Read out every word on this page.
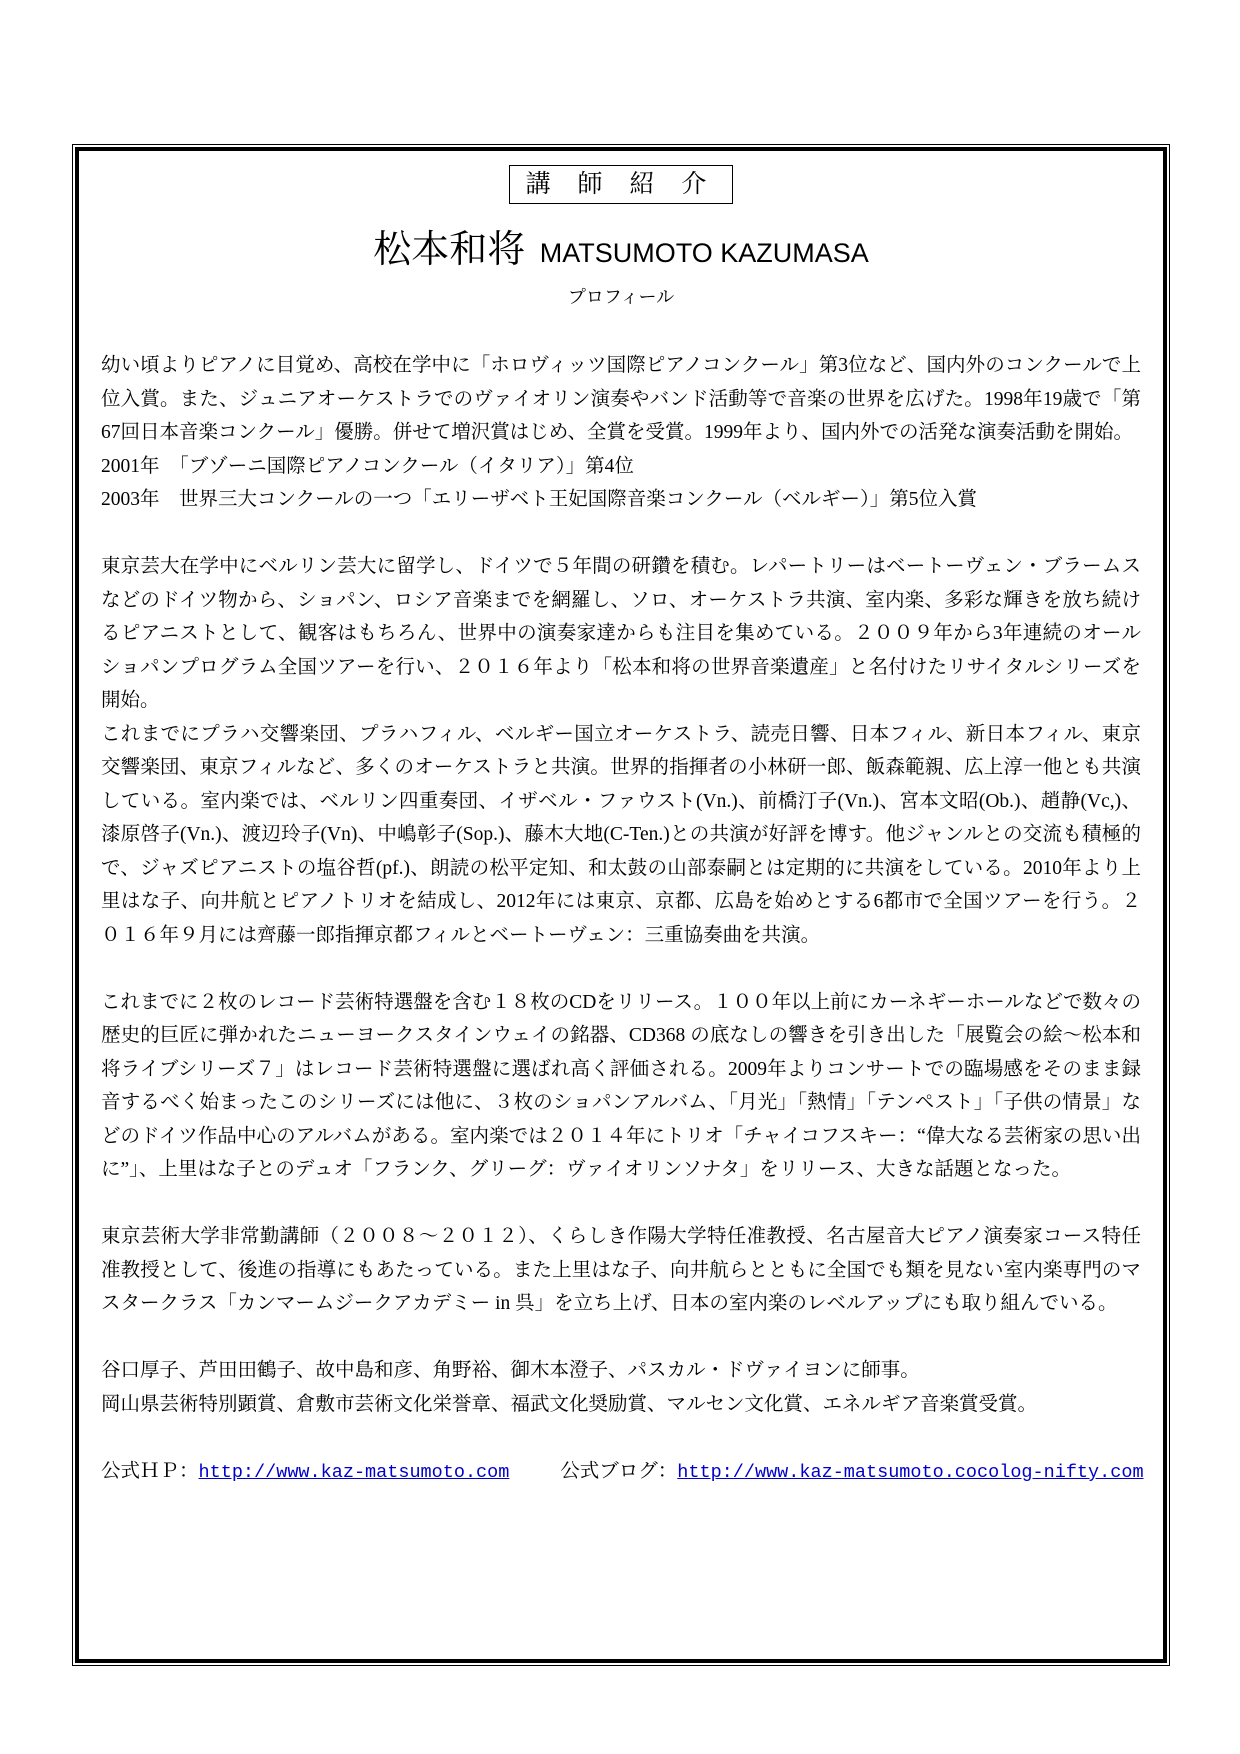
講 師 紹 介
松本和将 MATSUMOTO KAZUMASA
プロフィール

幼い頃よりピアノに目覚め、高校在学中に「ホロヴィッツ国際ピアノコンクール」第3位など、国内外のコンクールで上位入賞。また、ジュニアオーケストラでのヴァイオリン演奏やバンド活動等で音楽の世界を広げた。1998年19歳で「第67回日本音楽コンクール」優勝。併せて増沢賞はじめ、全賞を受賞。1999年より、国内外での活発な演奏活動を開始。

2001年　「ブゾーニ国際ピアノコンクール（イタリア）」第4位

2003年　世界三大コンクールの一つ「エリーザベト王妃国際音楽コンクール（ベルギー）」第5位入賞

東京芸大在学中にベルリン芸大に留学し、ドイツで５年間の研鑽を積む。レパートリーはベートーヴェン・ブラームスなどのドイツ物から、ショパン、ロシア音楽までを網羅し、ソロ、オーケストラ共演、室内楽、多彩な輝きを放ち続けるピアニストとして、観客はもちろん、世界中の演奏家達からも注目を集めている。２００９年から3年連続のオールショパンプログラム全国ツアーを行い、２０１６年より「松本和将の世界音楽遺産」と名付けたリサイタルシリーズを開始。

これまでにプラハ交響楽団、プラハフィル、ベルギー国立オーケストラ、読売日響、日本フィル、新日本フィル、東京交響楽団、東京フィルなど、多くのオーケストラと共演。世界的指揮者の小林研一郎、飯森範親、広上淳一他とも共演している。室内楽では、ベルリン四重奏団、イザベル・ファウスト(Vn.)、前橋汀子(Vn.)、宮本文昭(Ob.)、趙静(Vc,)、漆原啓子(Vn.)、渡辺玲子(Vn)、中嶋彰子(Sop.)、藤木大地(C-Ten.)との共演が好評を博す。他ジャンルとの交流も積極的で、ジャズピアニストの塩谷哲(pf.)、朗読の松平定知、和太鼓の山部泰嗣とは定期的に共演をしている。2010年より上里はな子、向井航とピアノトリオを結成し、2012年には東京、京都、広島を始めとする6都市で全国ツアーを行う。２０１６年９月には齊藤一郎指揮京都フィルとベートーヴェン：三重協奏曲を共演。

これまでに２枚のレコード芸術特選盤を含む１８枚のCDをリリース。１００年以上前にカーネギーホールなどで数々の歴史的巨匠に弾かれたニューヨークスタインウェイの銘器、CD368 の底なしの響きを引き出した「展覧会の絵～松本和将ライブシリーズ７」はレコード芸術特選盤に選ばれ高く評価される。2009年よりコンサートでの臨場感をそのまま録音するべく始まったこのシリーズには他に、３枚のショパンアルバム、「月光」「熱情」「テンペスト」「子供の情景」などのドイツ作品中心のアルバムがある。室内楽では２０１４年にトリオ「チャイコフスキー：“偉大なる芸術家の思い出に”」、上里はな子とのデュオ「フランク、グリーグ：ヴァイオリンソナタ」をリリース、大きな話題となった。

東京芸術大学非常勤講師（２００８～２０１２）、くらしき作陽大学特任准教授、名古屋音大ピアノ演奏家コース特任准教授として、後進の指導にもあたっている。また上里はな子、向井航らとともに全国でも類を見ない室内楽専門のマスタークラス「カンマームジークアカデミー in 呉」を立ち上げ、日本の室内楽のレベルアップにも取り組んでいる。

谷口厚子、芦田田鶴子、故中島和彦、角野裕、御木本澄子、パスカル・ドヴァイヨンに師事。

岡山県芸術特別顕賞、倉敷市芸術文化栄誉章、福武文化奨励賞、マルセン文化賞、エネルギア音楽賞受賞。

公式ＨＰ：http://www.kaz-matsumoto.com	公式ブログ：http://www.kaz-matsumoto.cocolog-nifty.com
